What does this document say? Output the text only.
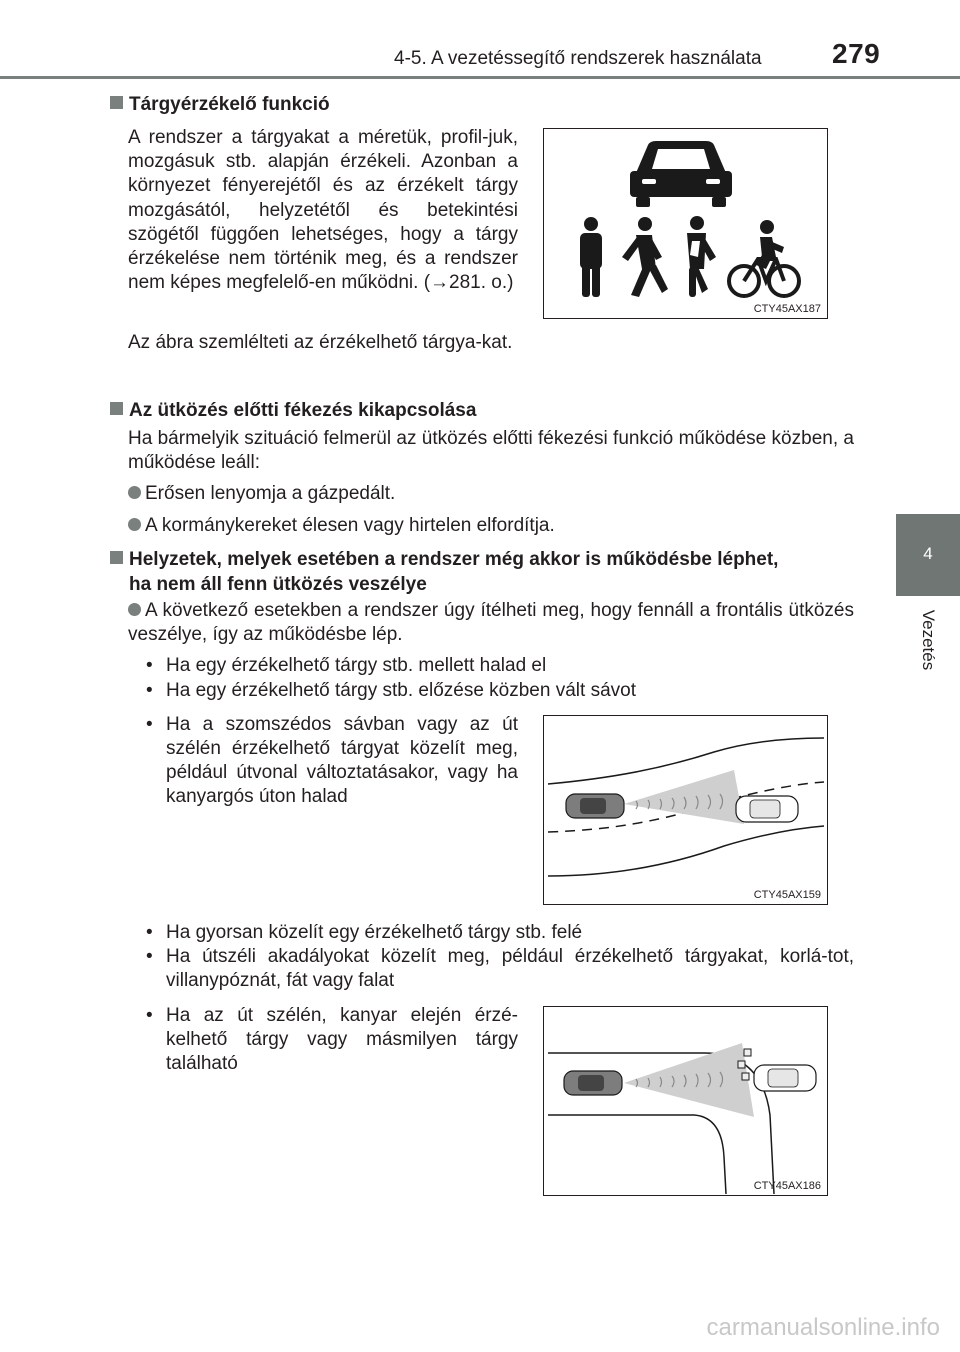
4-5. A vezetéssegítő rendszerek használata	279
4
Vezetés
Tárgyérzékelő funkció
A rendszer a tárgyakat a méretük, profil-juk, mozgásuk stb. alapján érzékeli. Azonban a környezet fényerejétől és az érzékelt tárgy mozgásától, helyzetétől és betekintési szögétől függően lehetséges, hogy a tárgy érzékelése nem történik meg, és a rendszer nem képes megfelelő-en működni. (→281. o.)
Az ábra szemlélteti az érzékelhető tárgya-kat.
CTY45AX187
Az ütközés előtti fékezés kikapcsolása
Ha bármelyik szituáció felmerül az ütközés előtti fékezési funkció működése közben, a működése leáll:
Erősen lenyomja a gázpedált.
A kormánykereket élesen vagy hirtelen elfordítja.
Helyzetek, melyek esetében a rendszer még akkor is működésbe léphet,
ha nem áll fenn ütközés veszélye
A következő esetekben a rendszer úgy ítélheti meg, hogy fennáll a frontális ütközés veszélye, így az működésbe lép.
• Ha egy érzékelhető tárgy stb. mellett halad el
• Ha egy érzékelhető tárgy stb. előzése közben vált sávot
• Ha a szomszédos sávban vagy az út szélén érzékelhető tárgyat közelít meg, például útvonal változtatásakor, vagy ha kanyargós úton halad
CTY45AX159
• Ha gyorsan közelít egy érzékelhető tárgy stb. felé
• Ha útszéli akadályokat közelít meg, például érzékelhető tárgyakat, korlá-tot, villanypóznát, fát vagy falat
• Ha az út szélén, kanyar elején érzé-kelhető tárgy vagy másmilyen tárgy található
CTY45AX186
carmanualsonline.info
